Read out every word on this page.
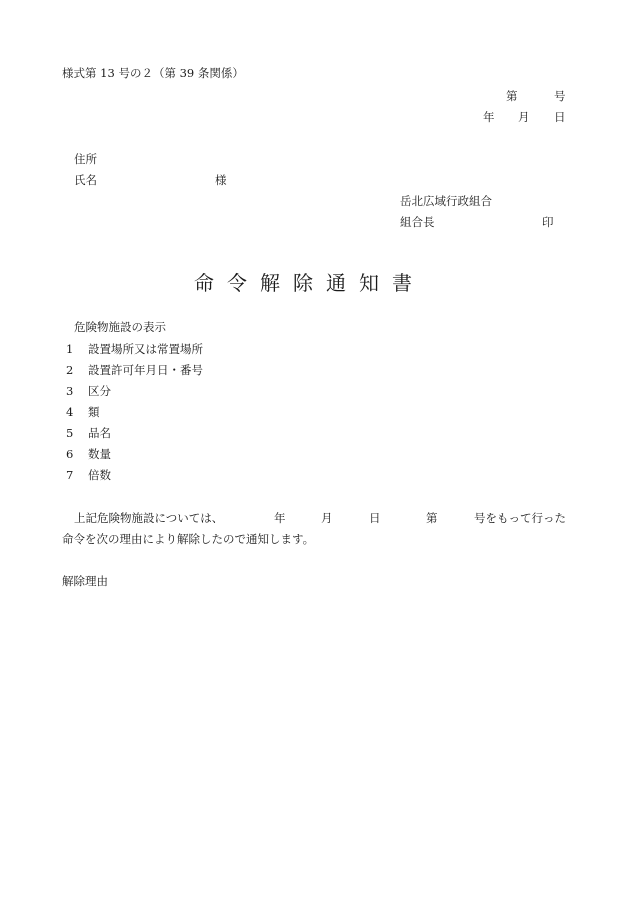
様式第 13 号の２（第 39 条関係）
第	号
年 月 日
住所
氏名	様
岳北広域行政組合
組合長	印
命令解除通知書
危険物施設の表示
1 設置場所又は常置場所
2 設置許可年月日・番号
3 区分
4 類
5 品名
6 数量
7 倍数
上記危険物施設については、	年	月	日	第	号をもって行った
命令を次の理由により解除したので通知します。
解除理由
